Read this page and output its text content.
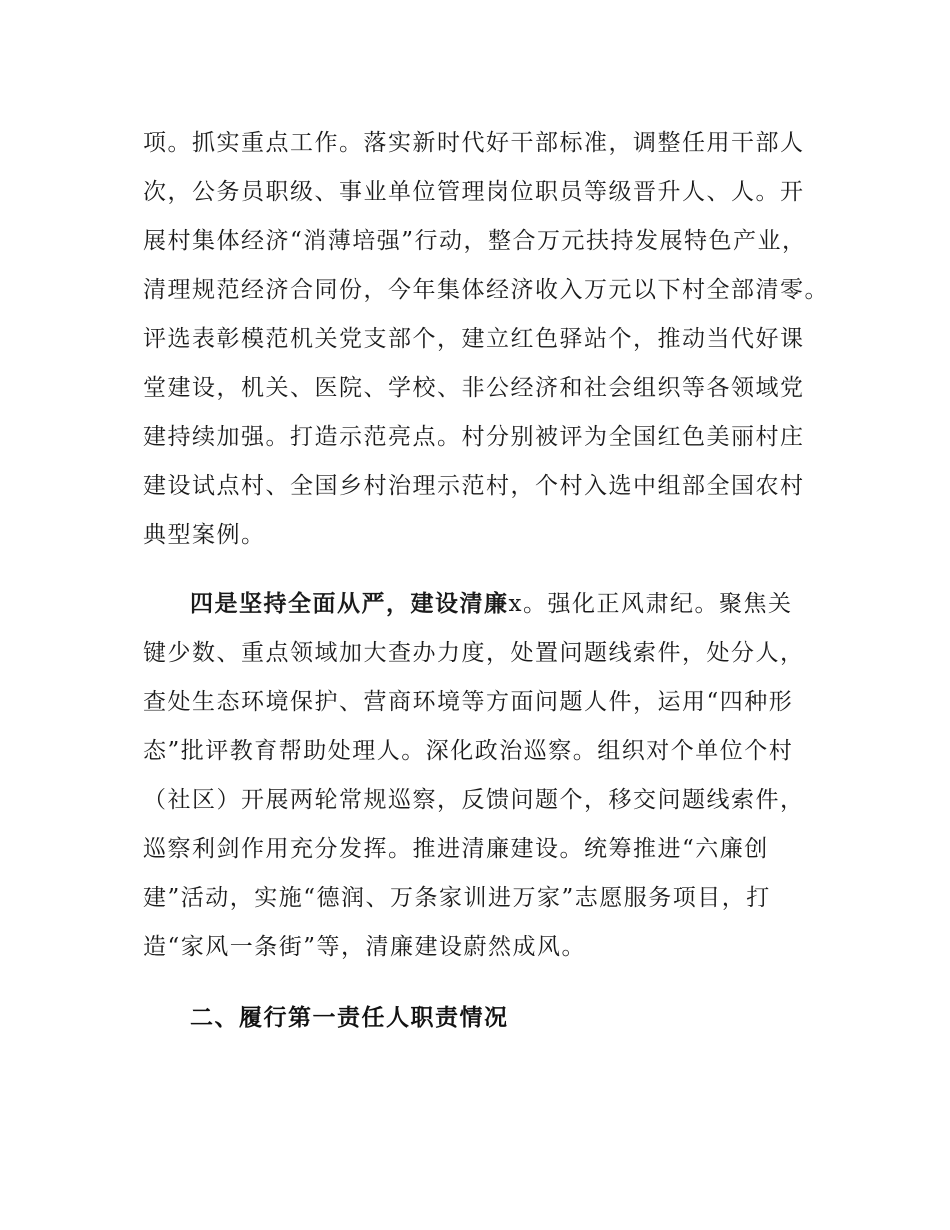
项。抓实重点工作。落实新时代好干部标准，调整任用干部人
次，公务员职级、事业单位管理岗位职员等级晋升人、人。开
展村集体经济“消薄培强”行动，整合万元扶持发展特色产业，
清理规范经济合同份，今年集体经济收入万元以下村全部清零。
评选表彰模范机关党支部个，建立红色驿站个，推动当代好课
堂建设，机关、医院、学校、非公经济和社会组织等各领域党
建持续加强。打造示范亮点。村分别被评为全国红色美丽村庄
建设试点村、全国乡村治理示范村，个村入选中组部全国农村
典型案例。
四是坚持全面从严，建设清廉x。强化正风肃纪。聚焦关
键少数、重点领域加大查办力度，处置问题线索件，处分人，
查处生态环境保护、营商环境等方面问题人件，运用“四种形
态”批评教育帮助处理人。深化政治巡察。组织对个单位个村
（社区）开展两轮常规巡察，反馈问题个，移交问题线索件，
巡察利剑作用充分发挥。推进清廉建设。统筹推进“六廉创
建”活动，实施“德润、万条家训进万家”志愿服务项目，打
造“家风一条街”等，清廉建设蔚然成风。
二、履行第一责任人职责情况
